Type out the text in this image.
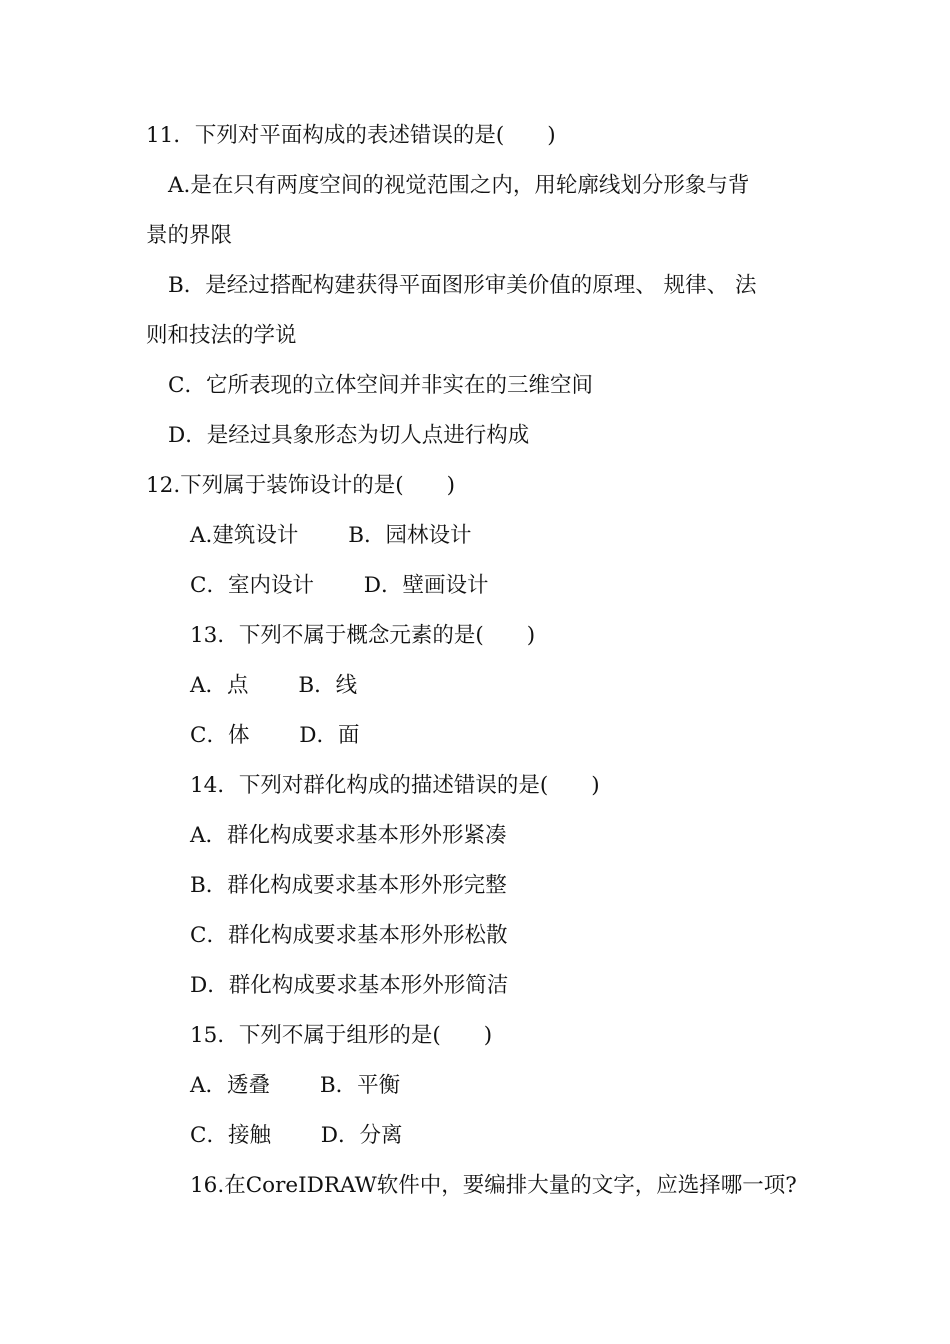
11．下列对平面构成的表述错误的是(　　)
A.是在只有两度空间的视觉范围之内，用轮廓线划分形象与背
景的界限
B．是经过搭配构建获得平面图形审美价值的原理、 规律、 法
则和技法的学说
C．它所表现的立体空间并非实在的三维空间
D．是经过具象形态为切人点进行构成
12.下列属于装饰设计的是(　　)
A.建筑设计　　 B．园林设计
C．室内设计　　 D．壁画设计
13．下列不属于概念元素的是(　　)
A．点　　 B．线
C．体　　 D．面
14．下列对群化构成的描述错误的是(　　)
A．群化构成要求基本形外形紧凑
B．群化构成要求基本形外形完整
C．群化构成要求基本形外形松散
D．群化构成要求基本形外形简洁
15．下列不属于组形的是(　　)
A．透叠　　 B．平衡
C．接触　　 D．分离
16.在CoreIDRAW软件中，要编排大量的文字，应选择哪一项?
